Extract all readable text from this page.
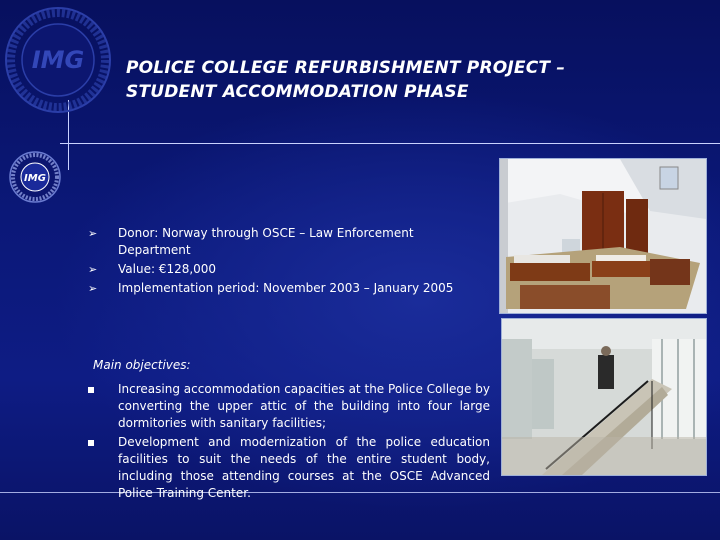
IMG
IMG
POLICE COLLEGE REFURBISHMENT PROJECT –
STUDENT ACCOMMODATION PHASE
➢ Donor: Norway through OSCE – Law Enforcement Department
➢ Value: €128,000
➢ Implementation period: November 2003 – January 2005
Main objectives:
Increasing accommodation capacities at the Police College by converting the upper attic of the building into four large dormitories with sanitary facilities;
Development and modernization of the police education facilities to suit the needs of the entire student body, including those attending courses at the OSCE Advanced Police Training Center.
